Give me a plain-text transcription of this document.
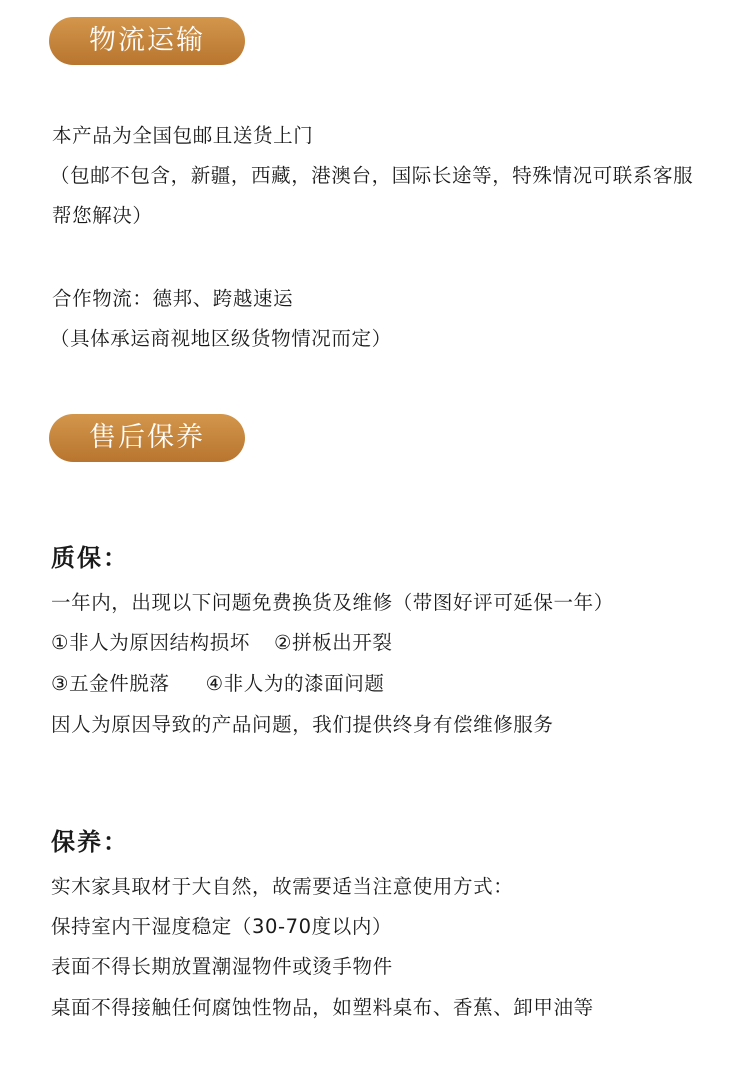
物流运输
本产品为全国包邮且送货上门
（包邮不包含，新疆，西藏，港澳台，国际长途等，特殊情况可联系客服
帮您解决）
合作物流：德邦、跨越速运
（具体承运商视地区级货物情况而定）
售后保养
质保：
一年内，出现以下问题免费换货及维修（带图好评可延保一年）
①非人为原因结构损坏 ②拼板出开裂
③五金件脱落 ④非人为的漆面问题
因人为原因导致的产品问题，我们提供终身有偿维修服务
保养：
实木家具取材于大自然，故需要适当注意使用方式：
保持室内干湿度稳定（30-70度以内）
表面不得长期放置潮湿物件或烫手物件
桌面不得接触任何腐蚀性物品，如塑料桌布、香蕉、卸甲油等
